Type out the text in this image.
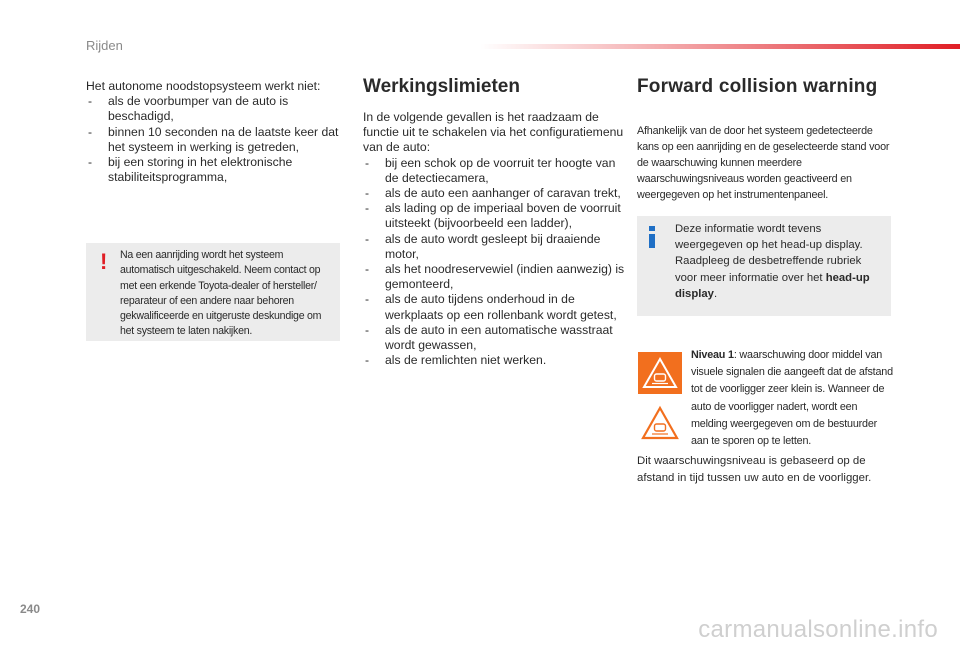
Rijden

Het autonome noodstopsysteem werkt niet:

- als de voorbumper van de auto is beschadigd,
- binnen 10 seconden na de laatste keer dat het systeem in werking is getreden,
- bij een storing in het elektronische stabiliteitsprogramma,
! Na een aanrijding wordt het systeem automatisch uitgeschakeld. Neem contact op met een erkende Toyota-dealer of hersteller/ reparateur of een andere naar behoren gekwalificeerde en uitgeruste deskundige om het systeem te laten nakijken.
Werkingslimieten

In de volgende gevallen is het raadzaam de functie uit te schakelen via het configuratiemenu van de auto:

- bij een schok op de voorruit ter hoogte van de detectiecamera,
- als de auto een aanhanger of caravan trekt,
- als lading op de imperiaal boven de voorruit uitsteekt (bijvoorbeeld een ladder),
- als de auto wordt gesleept bij draaiende motor,
- als het noodreservewiel (indien aanwezig) is gemonteerd,
- als de auto tijdens onderhoud in de werkplaats op een rollenbank wordt getest,
- als de auto in een automatische wasstraat wordt gewassen,
- als de remlichten niet werken.
Forward collision warning
Afhankelijk van de door het systeem gedetecteerde kans op een aanrijding en de geselecteerde stand voor de waarschuwing kunnen meerdere waarschuwingsniveaus worden geactiveerd en weergegeven op het instrumentenpaneel.
Deze informatie wordt tevens weergegeven op het head-up display. Raadpleeg de desbetreffende rubriek voor meer informatie over het head-up display.
Niveau 1: waarschuwing door middel van visuele signalen die aangeeft dat de afstand tot de voorligger zeer klein is. Wanneer de auto de voorligger nadert, wordt een melding weergegeven om de bestuurder aan te sporen op te letten.
Dit waarschuwingsniveau is gebaseerd op de afstand in tijd tussen uw auto en de voorligger.
240
carmanualsonline.info
